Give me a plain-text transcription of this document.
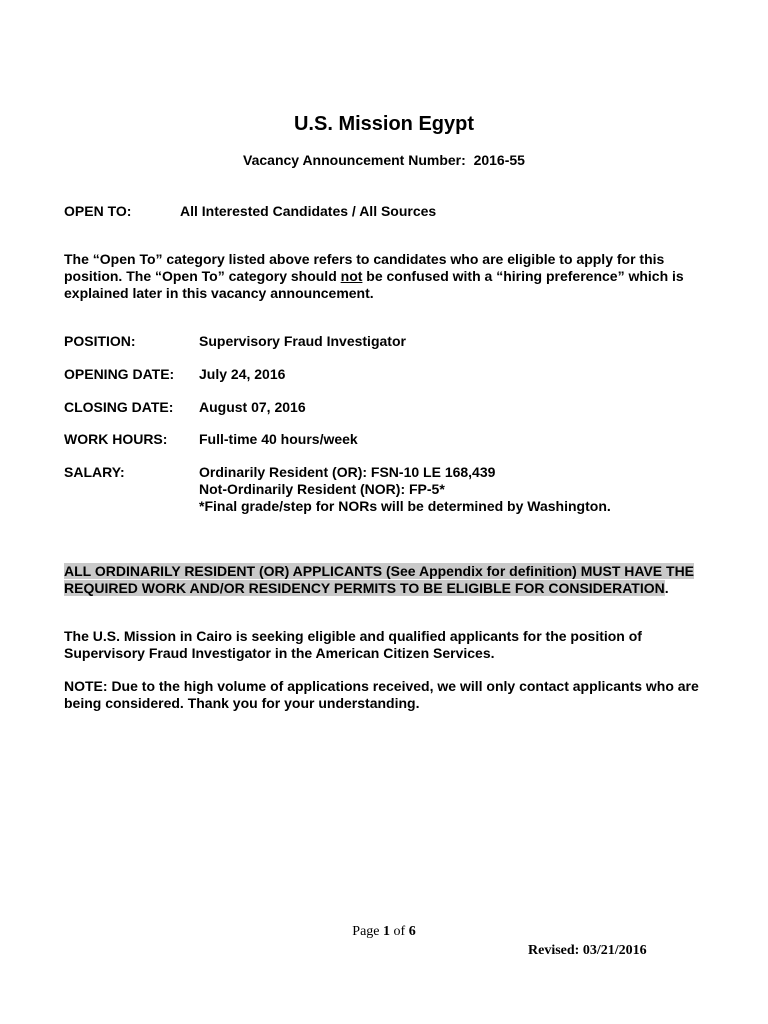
U.S. Mission Egypt
Vacancy Announcement Number: 2016-55
OPEN TO:	All Interested Candidates / All Sources
The “Open To” category listed above refers to candidates who are eligible to apply for this
position. The “Open To” category should not be confused with a “hiring preference” which is
explained later in this vacancy announcement.
POSITION:	Supervisory Fraud Investigator
OPENING DATE: July 24, 2016
CLOSING DATE: August 07, 2016
WORK HOURS: Full-time 40 hours/week
SALARY:	Ordinarily Resident (OR): FSN-10 LE 168,439
Not-Ordinarily Resident (NOR): FP-5*
*Final grade/step for NORs will be determined by Washington.
ALL ORDINARILY RESIDENT (OR) APPLICANTS (See Appendix for definition) MUST HAVE THE
REQUIRED WORK AND/OR RESIDENCY PERMITS TO BE ELIGIBLE FOR CONSIDERATION.
The U.S. Mission in Cairo is seeking eligible and qualified applicants for the position of
Supervisory Fraud Investigator in the American Citizen Services.
NOTE: Due to the high volume of applications received, we will only contact applicants who are
being considered. Thank you for your understanding.
Page 1 of 6
Revised: 03/21/2016
